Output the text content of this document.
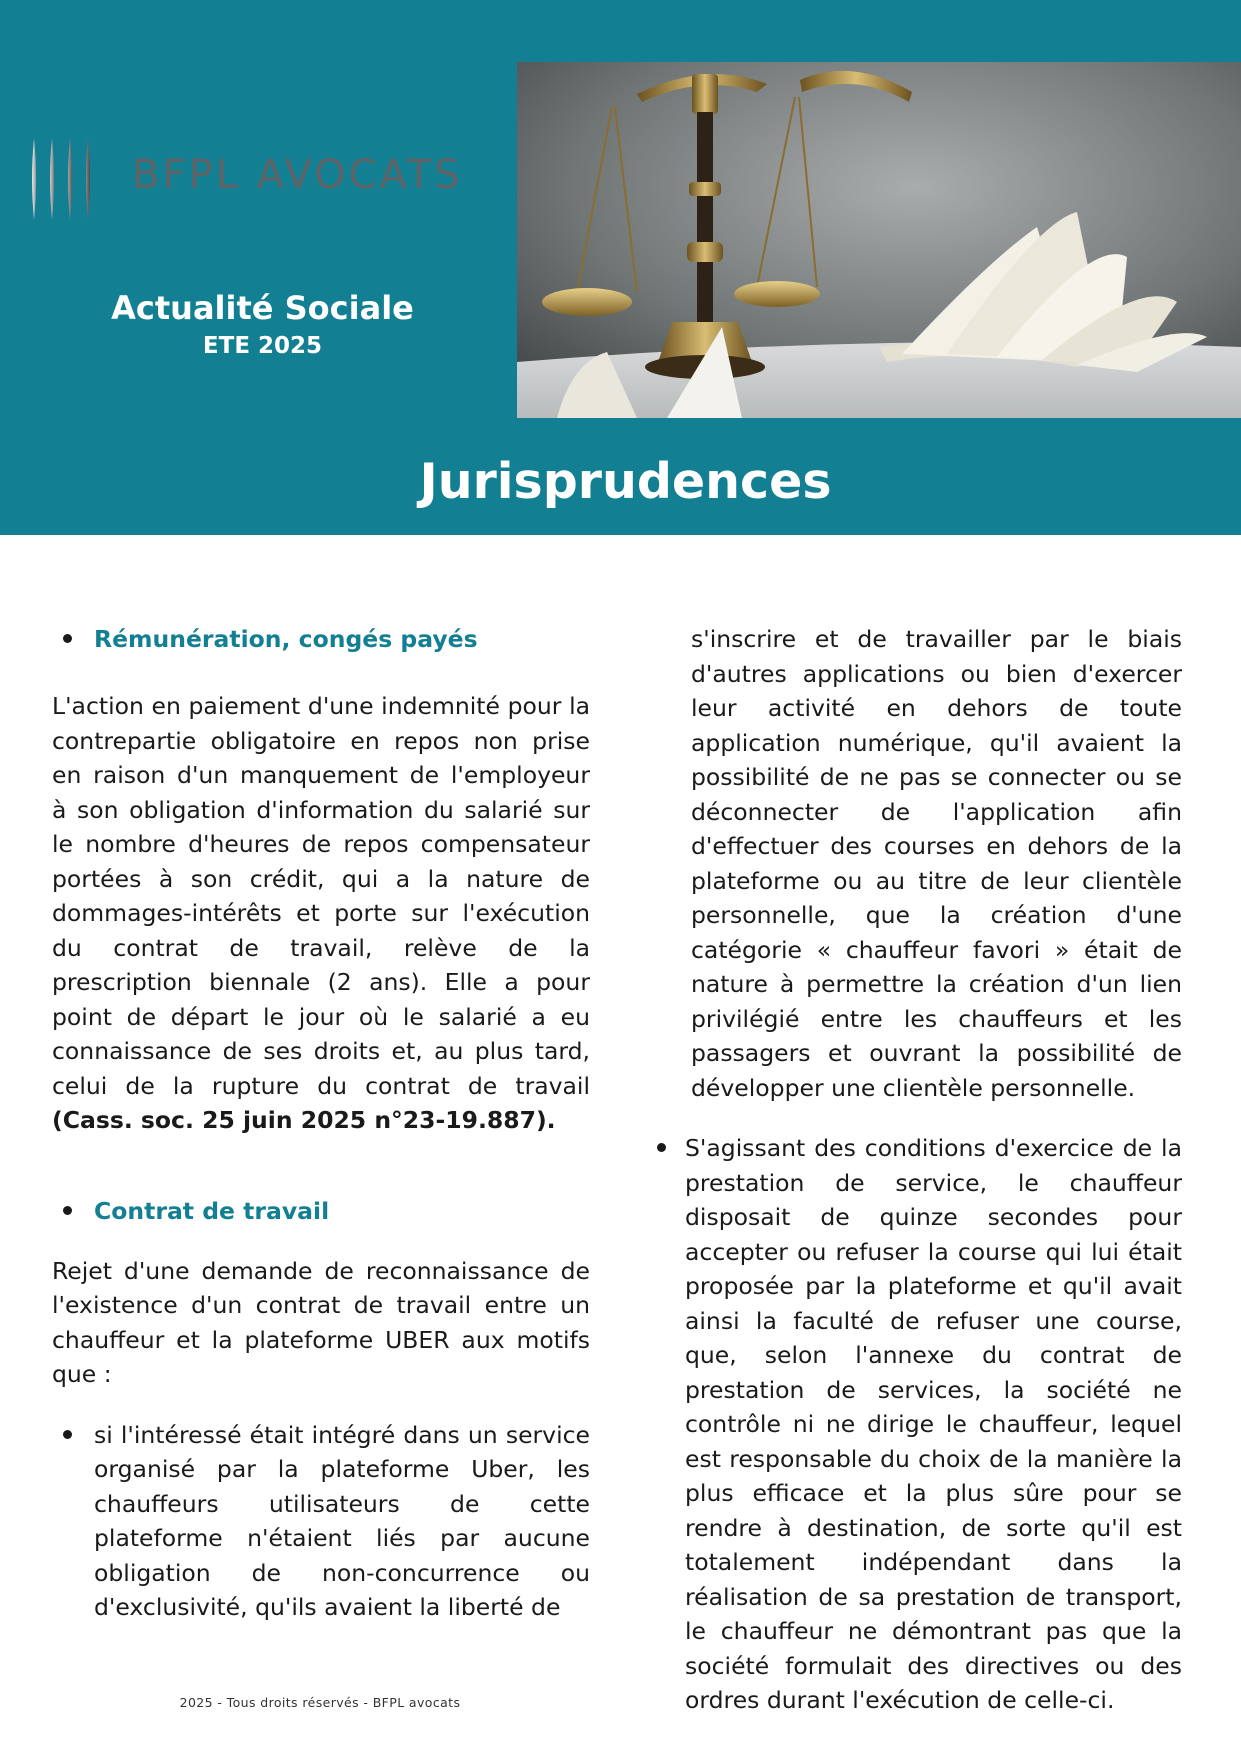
BFPL AVOCATS
Actualité Sociale
ETE 2025
Jurisprudences
Rémunération, congés payés

L'action en paiement d'une indemnité pour la contrepartie obligatoire en repos non prise en raison d'un manquement de l'employeur à son obligation d'information du salarié sur le nombre d'heures de repos compensateur portées à son crédit, qui a la nature de dommages-intérêts et porte sur l'exécution du contrat de travail, relève de la prescription biennale (2 ans). Elle a pour point de départ le jour où le salarié a eu connaissance de ses droits et, au plus tard, celui de la rupture du contrat de travail (Cass. soc. 25 juin 2025 n°23-19.887).

Contrat de travail

Rejet d'une demande de reconnaissance de l'existence d'un contrat de travail entre un chauffeur et la plateforme UBER aux motifs que :

si l'intéressé était intégré dans un service organisé par la plateforme Uber, les chauffeurs utilisateurs de cette plateforme n'étaient liés par aucune obligation de non-concurrence ou d'exclusivité, qu'ils avaient la liberté de
s'inscrire et de travailler par le biais d'autres applications ou bien d'exercer leur activité en dehors de toute application numérique, qu'il avaient la possibilité de ne pas se connecter ou se déconnecter de l'application afin d'effectuer des courses en dehors de la plateforme ou au titre de leur clientèle personnelle, que la création d'une catégorie « chauffeur favori » était de nature à permettre la création d'un lien privilégié entre les chauffeurs et les passagers et ouvrant la possibilité de développer une clientèle personnelle.
S'agissant des conditions d'exercice de la prestation de service, le chauffeur disposait de quinze secondes pour accepter ou refuser la course qui lui était proposée par la plateforme et qu'il avait ainsi la faculté de refuser une course, que, selon l'annexe du contrat de prestation de services, la société ne contrôle ni ne dirige le chauffeur, lequel est responsable du choix de la manière la plus efficace et la plus sûre pour se rendre à destination, de sorte qu'il est totalement indépendant dans la réalisation de sa prestation de transport, le chauffeur ne démontrant pas que la société formulait des directives ou des ordres durant l'exécution de celle-ci.
2025 - Tous droits réservés - BFPL avocats
